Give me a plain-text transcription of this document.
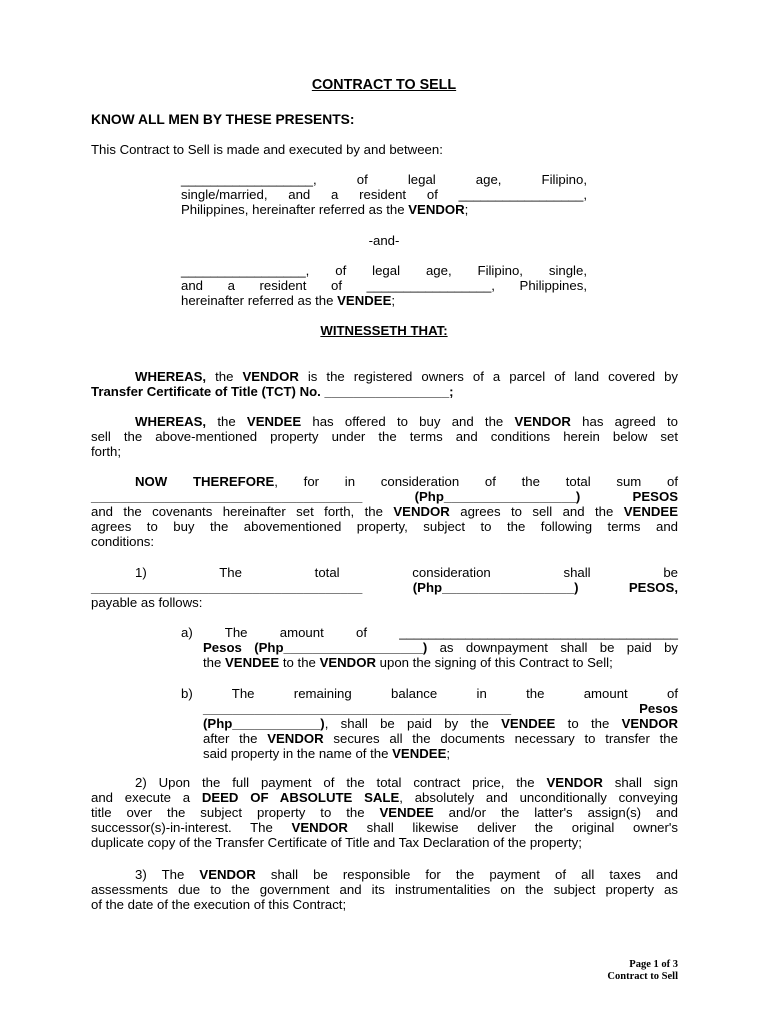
CONTRACT TO SELL
KNOW ALL MEN BY THESE PRESENTS:
This Contract to Sell is made and executed by and between:
__________________, of legal age, Filipino,
single/married, and a resident of _________________,
Philippines, hereinafter referred as the VENDOR;
-and-
_________________, of legal age, Filipino, single,
and a resident of _________________, Philippines,
hereinafter referred as the VENDEE;
WITNESSETH THAT:
WHEREAS, the VENDOR is the registered owners of a parcel of land covered by
Transfer Certificate of Title (TCT) No. _________________;
WHEREAS, the VENDEE has offered to buy and the VENDOR has agreed to
sell the above-mentioned property under the terms and conditions herein below set
forth;
NOW THEREFORE, for in consideration of the total sum of
_____________________________________ (Php__________________) PESOS
and the covenants hereinafter set forth, the VENDOR agrees to sell and the VENDEE
agrees to buy the abovementioned property, subject to the following terms and
conditions:
1) The total consideration shall be
_____________________________________ (Php__________________) PESOS,
payable as follows:
a) The amount of ______________________________________
Pesos (Php___________________) as downpayment shall be paid by
the VENDEE to the VENDOR upon the signing of this Contract to Sell;
b) The remaining balance in the amount of
__________________________________________ Pesos
(Php____________), shall be paid by the VENDEE to the VENDOR
after the VENDOR secures all the documents necessary to transfer the
said property in the name of the VENDEE;
2) Upon the full payment of the total contract price, the VENDOR shall sign
and execute a DEED OF ABSOLUTE SALE, absolutely and unconditionally conveying
title over the subject property to the VENDEE and/or the latter's assign(s) and
successor(s)-in-interest. The VENDOR shall likewise deliver the original owner's
duplicate copy of the Transfer Certificate of Title and Tax Declaration of the property;
3) The VENDOR shall be responsible for the payment of all taxes and
assessments due to the government and its instrumentalities on the subject property as
of the date of the execution of this Contract;
Page 1 of 3
Contract to Sell
